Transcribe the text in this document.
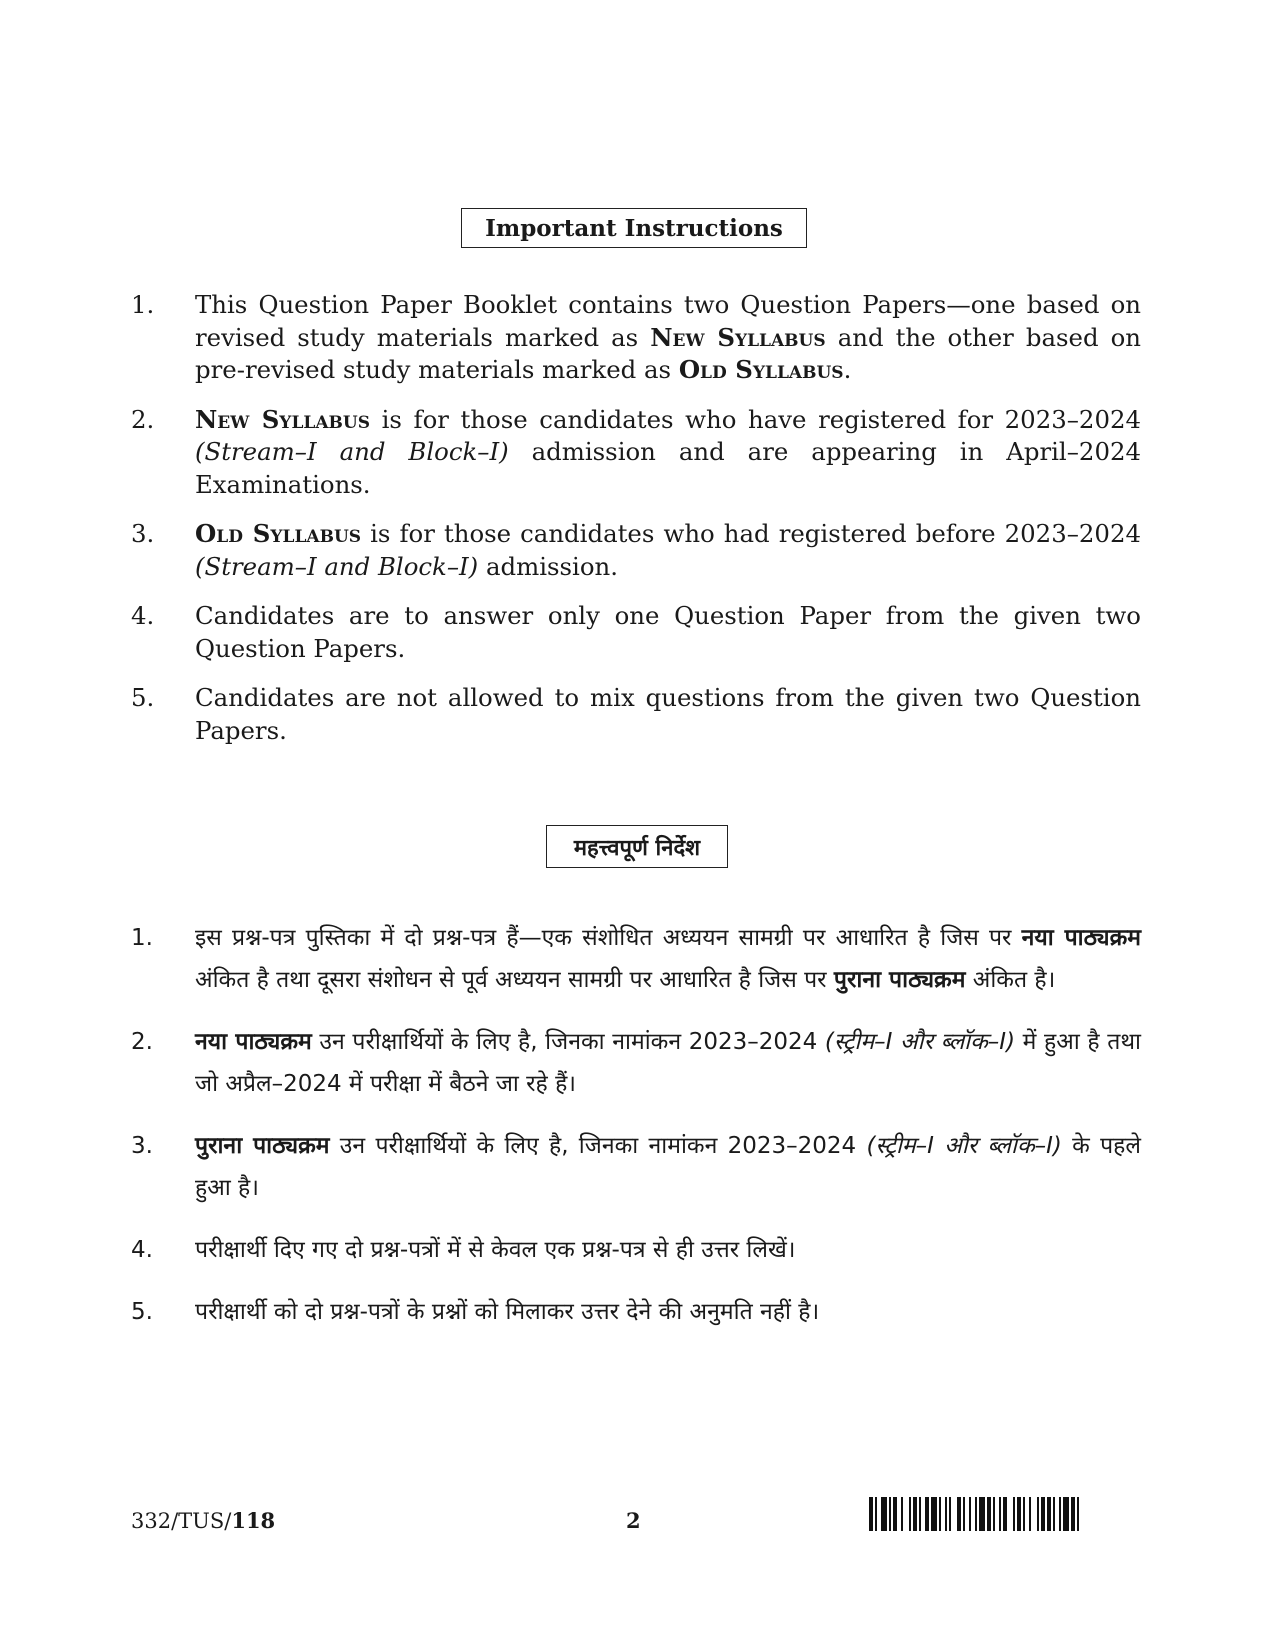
Important Instructions
1. This Question Paper Booklet contains two Question Papers—one based on revised study materials marked as New Syllabus and the other based on pre-revised study materials marked as Old Syllabus.
2. New Syllabus is for those candidates who have registered for 2023–2024 (Stream–I and Block–I) admission and are appearing in April–2024 Examinations.
3. Old Syllabus is for those candidates who had registered before 2023–2024 (Stream–I and Block–I) admission.
4. Candidates are to answer only one Question Paper from the given two Question Papers.
5. Candidates are not allowed to mix questions from the given two Question Papers.
महत्त्वपूर्ण निर्देश
1. इस प्रश्न-पत्र पुस्तिका में दो प्रश्न-पत्र हैं—एक संशोधित अध्ययन सामग्री पर आधारित है जिस पर नया पाठ्यक्रम अंकित है तथा दूसरा संशोधन से पूर्व अध्ययन सामग्री पर आधारित है जिस पर पुराना पाठ्यक्रम अंकित है।
2. नया पाठ्यक्रम उन परीक्षार्थियों के लिए है, जिनका नामांकन 2023–2024 (स्ट्रीम–I और ब्लॉक–I) में हुआ है तथा जो अप्रैल–2024 में परीक्षा में बैठने जा रहे हैं।
3. पुराना पाठ्यक्रम उन परीक्षार्थियों के लिए है, जिनका नामांकन 2023–2024 (स्ट्रीम–I और ब्लॉक–I) के पहले हुआ है।
4. परीक्षार्थी दिए गए दो प्रश्न-पत्रों में से केवल एक प्रश्न-पत्र से ही उत्तर लिखें।
5. परीक्षार्थी को दो प्रश्न-पत्रों के प्रश्नों को मिलाकर उत्तर देने की अनुमति नहीं है।
332/TUS/118	2
